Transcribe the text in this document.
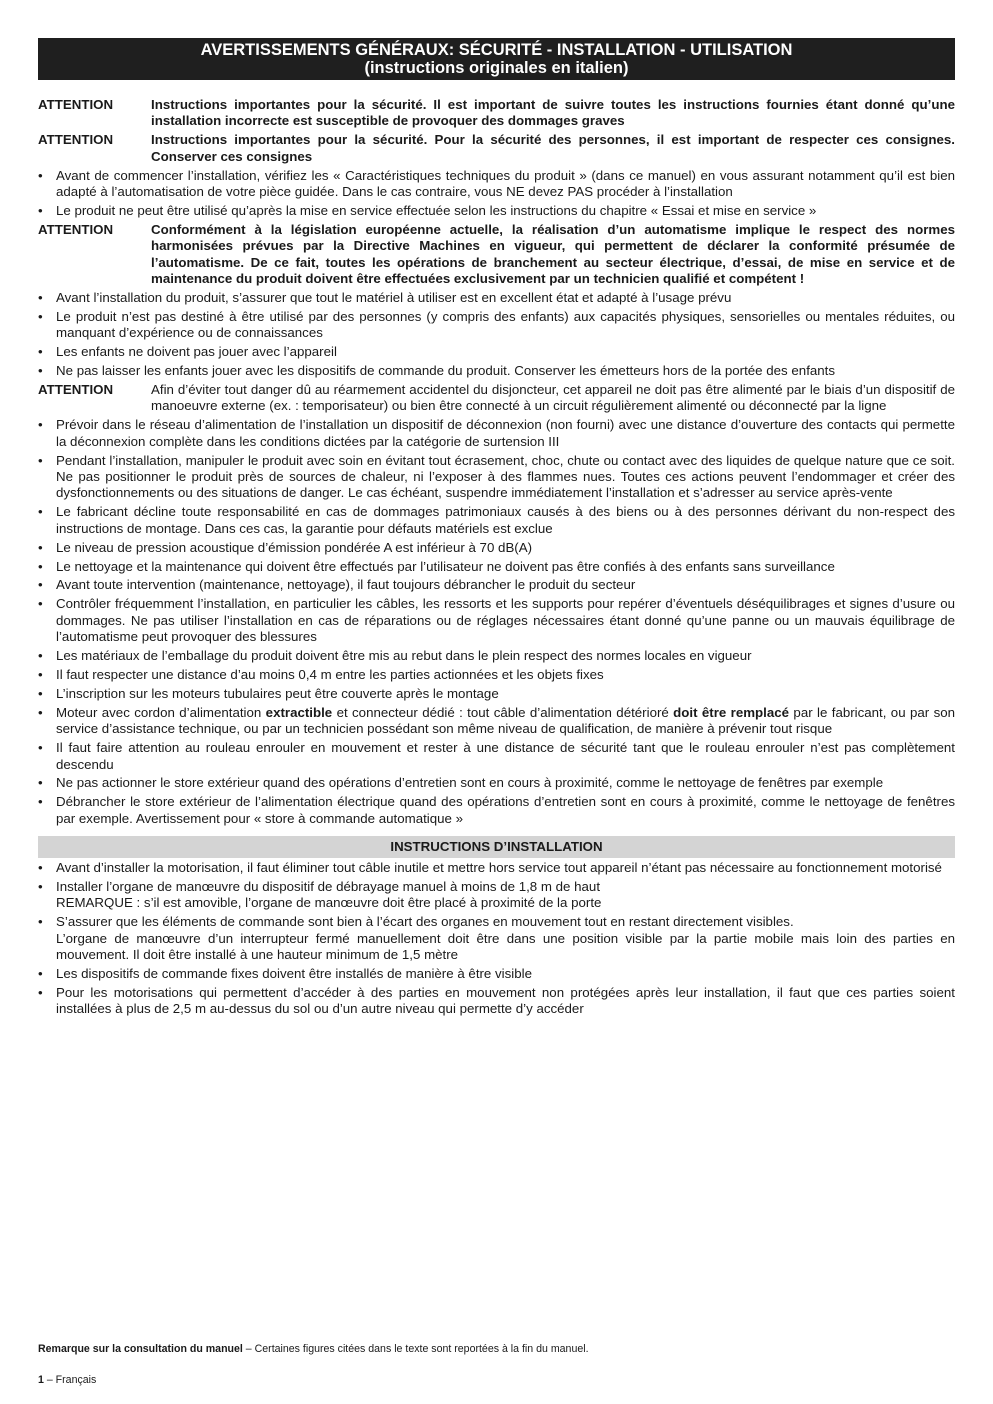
AVERTISSEMENTS GÉNÉRAUX: SÉCURITÉ - INSTALLATION - UTILISATION
(instructions originales en italien)
ATTENTION	Instructions importantes pour la sécurité. Il est important de suivre toutes les instructions fournies étant donné qu’une installation incorrecte est susceptible de provoquer des dommages graves
ATTENTION	Instructions importantes pour la sécurité. Pour la sécurité des personnes, il est important de respecter ces consignes. Conserver ces consignes
•	Avant de commencer l’installation, vérifiez les « Caractéristiques techniques du produit » (dans ce manuel) en vous assurant notamment qu’il est bien adapté à l’automatisation de votre pièce guidée. Dans le cas contraire, vous NE devez PAS procéder à l’installation
•	Le produit ne peut être utilisé qu’après la mise en service effectuée selon les instructions du chapitre « Essai et mise en service »
ATTENTION	Conformément à la législation européenne actuelle, la réalisation d’un automatisme implique le respect des normes harmonisées prévues par la Directive Machines en vigueur, qui permettent de déclarer la conformité présumée de l’automatisme. De ce fait, toutes les opérations de branchement au secteur électrique, d’essai, de mise en service et de maintenance du produit doivent être effectuées exclusivement par un technicien qualifié et compétent !
•	Avant l’installation du produit, s’assurer que tout le matériel à utiliser est en excellent état et adapté à l’usage prévu
•	Le produit n’est pas destiné à être utilisé par des personnes (y compris des enfants) aux capacités physiques, sensorielles ou mentales réduites, ou manquant d’expérience ou de connaissances
•	Les enfants ne doivent pas jouer avec l’appareil
•	Ne pas laisser les enfants jouer avec les dispositifs de commande du produit. Conserver les émetteurs hors de la portée des enfants
ATTENTION	Afin d’éviter tout danger dû au réarmement accidentel du disjoncteur, cet appareil ne doit pas être alimenté par le biais d’un dispositif de manoeuvre externe (ex. : temporisateur) ou bien être connecté à un circuit régulièrement alimenté ou déconnecté par la ligne
•	Prévoir dans le réseau d’alimentation de l’installation un dispositif de déconnexion (non fourni) avec une distance d’ouverture des contacts qui permette la déconnexion complète dans les conditions dictées par la catégorie de surtension III
•	Pendant l’installation, manipuler le produit avec soin en évitant tout écrasement, choc, chute ou contact avec des liquides de quelque nature que ce soit. Ne pas positionner le produit près de sources de chaleur, ni l’exposer à des flammes nues. Toutes ces actions peuvent l’endommager et créer des dysfonctionnements ou des situations de danger. Le cas échéant, suspendre immédiatement l’installation et s’adresser au service après-vente
•	Le fabricant décline toute responsabilité en cas de dommages patrimoniaux causés à des biens ou à des personnes dérivant du non-respect des instructions de montage. Dans ces cas, la garantie pour défauts matériels est exclue
•	Le niveau de pression acoustique d’émission pondérée A est inférieur à 70 dB(A)
•	Le nettoyage et la maintenance qui doivent être effectués par l’utilisateur ne doivent pas être confiés à des enfants sans surveillance
•	Avant toute intervention (maintenance, nettoyage), il faut toujours débrancher le produit du secteur
•	Contrôler fréquemment l’installation, en particulier les câbles, les ressorts et les supports pour repérer d’éventuels déséquilibrages et signes d’usure ou dommages. Ne pas utiliser l’installation en cas de réparations ou de réglages nécessaires étant donné qu’une panne ou un mauvais équilibrage de l’automatisme peut provoquer des blessures
•	Les matériaux de l’emballage du produit doivent être mis au rebut dans le plein respect des normes locales en vigueur
•	Il faut respecter une distance d’au moins 0,4 m entre les parties actionnées et les objets fixes
•	L’inscription sur les moteurs tubulaires peut être couverte après le montage
•	Moteur avec cordon d’alimentation extractible et connecteur dédié : tout câble d’alimentation détérioré doit être remplacé par le fabricant, ou par son service d’assistance technique, ou par un technicien possédant son même niveau de qualification, de manière à prévenir tout risque
•	Il faut faire attention au rouleau enrouler en mouvement et rester à une distance de sécurité tant que le rouleau enrouler n’est pas complètement descendu
•	Ne pas actionner le store extérieur quand des opérations d’entretien sont en cours à proximité, comme le nettoyage de fenêtres par exemple
•	Débrancher le store extérieur de l’alimentation électrique quand des opérations d’entretien sont en cours à proximité, comme le nettoyage de fenêtres par exemple. Avertissement pour « store à commande automatique »
INSTRUCTIONS D’INSTALLATION
•	Avant d’installer la motorisation, il faut éliminer tout câble inutile et mettre hors service tout appareil n’étant pas nécessaire au fonctionnement motorisé
•	Installer l’organe de manœuvre du dispositif de débrayage manuel à moins de 1,8 m de haut
REMARQUE : s’il est amovible, l’organe de manœuvre doit être placé à proximité de la porte
•	S’assurer que les éléments de commande sont bien à l’écart des organes en mouvement tout en restant directement visibles.
L’organe de manœuvre d’un interrupteur fermé manuellement doit être dans une position visible par la partie mobile mais loin des parties en mouvement. Il doit être installé à une hauteur minimum de 1,5 mètre
•	Les dispositifs de commande fixes doivent être installés de manière à être visible
•	Pour les motorisations qui permettent d’accéder à des parties en mouvement non protégées après leur installation, il faut que ces parties soient installées à plus de 2,5 m au-dessus du sol ou d’un autre niveau qui permette d’y accéder
Remarque sur la consultation du manuel – Certaines figures citées dans le texte sont reportées à la fin du manuel.
1 – Français
